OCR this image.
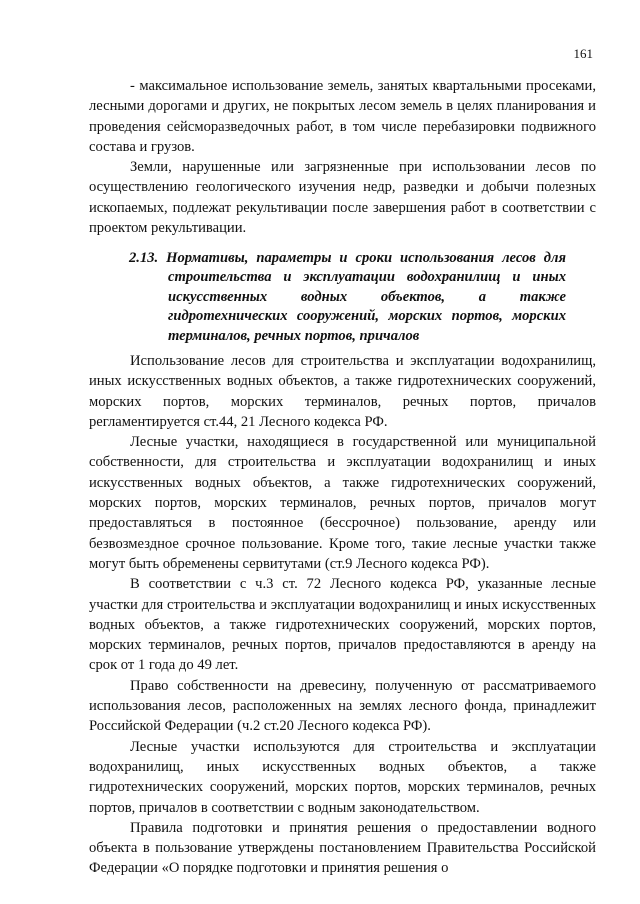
161

- максимальное использование земель, занятых квартальными просеками, лесными дорогами и других, не покрытых лесом земель в целях планирования и проведения сейсморазведочных работ, в том числе перебазировки подвижного состава и грузов.

Земли, нарушенные или загрязненные при использовании лесов по осуществлению геологического изучения недр, разведки и добычи полезных ископаемых, подлежат рекультивации после завершения работ в соответствии с проектом рекультивации.

2.13. Нормативы, параметры и сроки использования лесов для строительства и эксплуатации водохранилищ и иных искусственных водных объектов, а также гидротехнических сооружений, морских портов, морских терминалов, речных портов, причалов

Использование лесов для строительства и эксплуатации водохранилищ, иных искусственных водных объектов, а также гидротехнических сооружений, морских портов, морских терминалов, речных портов, причалов регламентируется ст.44, 21 Лесного кодекса РФ.

Лесные участки, находящиеся в государственной или муниципальной собственности, для строительства и эксплуатации водохранилищ и иных искусственных водных объектов, а также гидротехнических сооружений, морских портов, морских терминалов, речных портов, причалов могут предоставляться в постоянное (бессрочное) пользование, аренду или безвозмездное срочное пользование. Кроме того, такие лесные участки также могут быть обременены сервитутами (ст.9 Лесного кодекса РФ).

В соответствии с ч.3 ст. 72 Лесного кодекса РФ, указанные лесные участки для строительства и эксплуатации водохранилищ и иных искусственных водных объектов, а также гидротехнических сооружений, морских портов, морских терминалов, речных портов, причалов предоставляются в аренду на срок от 1 года до 49 лет.

Право собственности на древесину, полученную от рассматриваемого использования лесов, расположенных на землях лесного фонда, принадлежит Российской Федерации (ч.2 ст.20 Лесного кодекса РФ).

Лесные участки используются для строительства и эксплуатации водохранилищ, иных искусственных водных объектов, а также гидротехнических сооружений, морских портов, морских терминалов, речных портов, причалов в соответствии с водным законодательством.

Правила подготовки и принятия решения о предоставлении водного объекта в пользование утверждены постановлением Правительства Российской Федерации «О порядке подготовки и принятия решения о
